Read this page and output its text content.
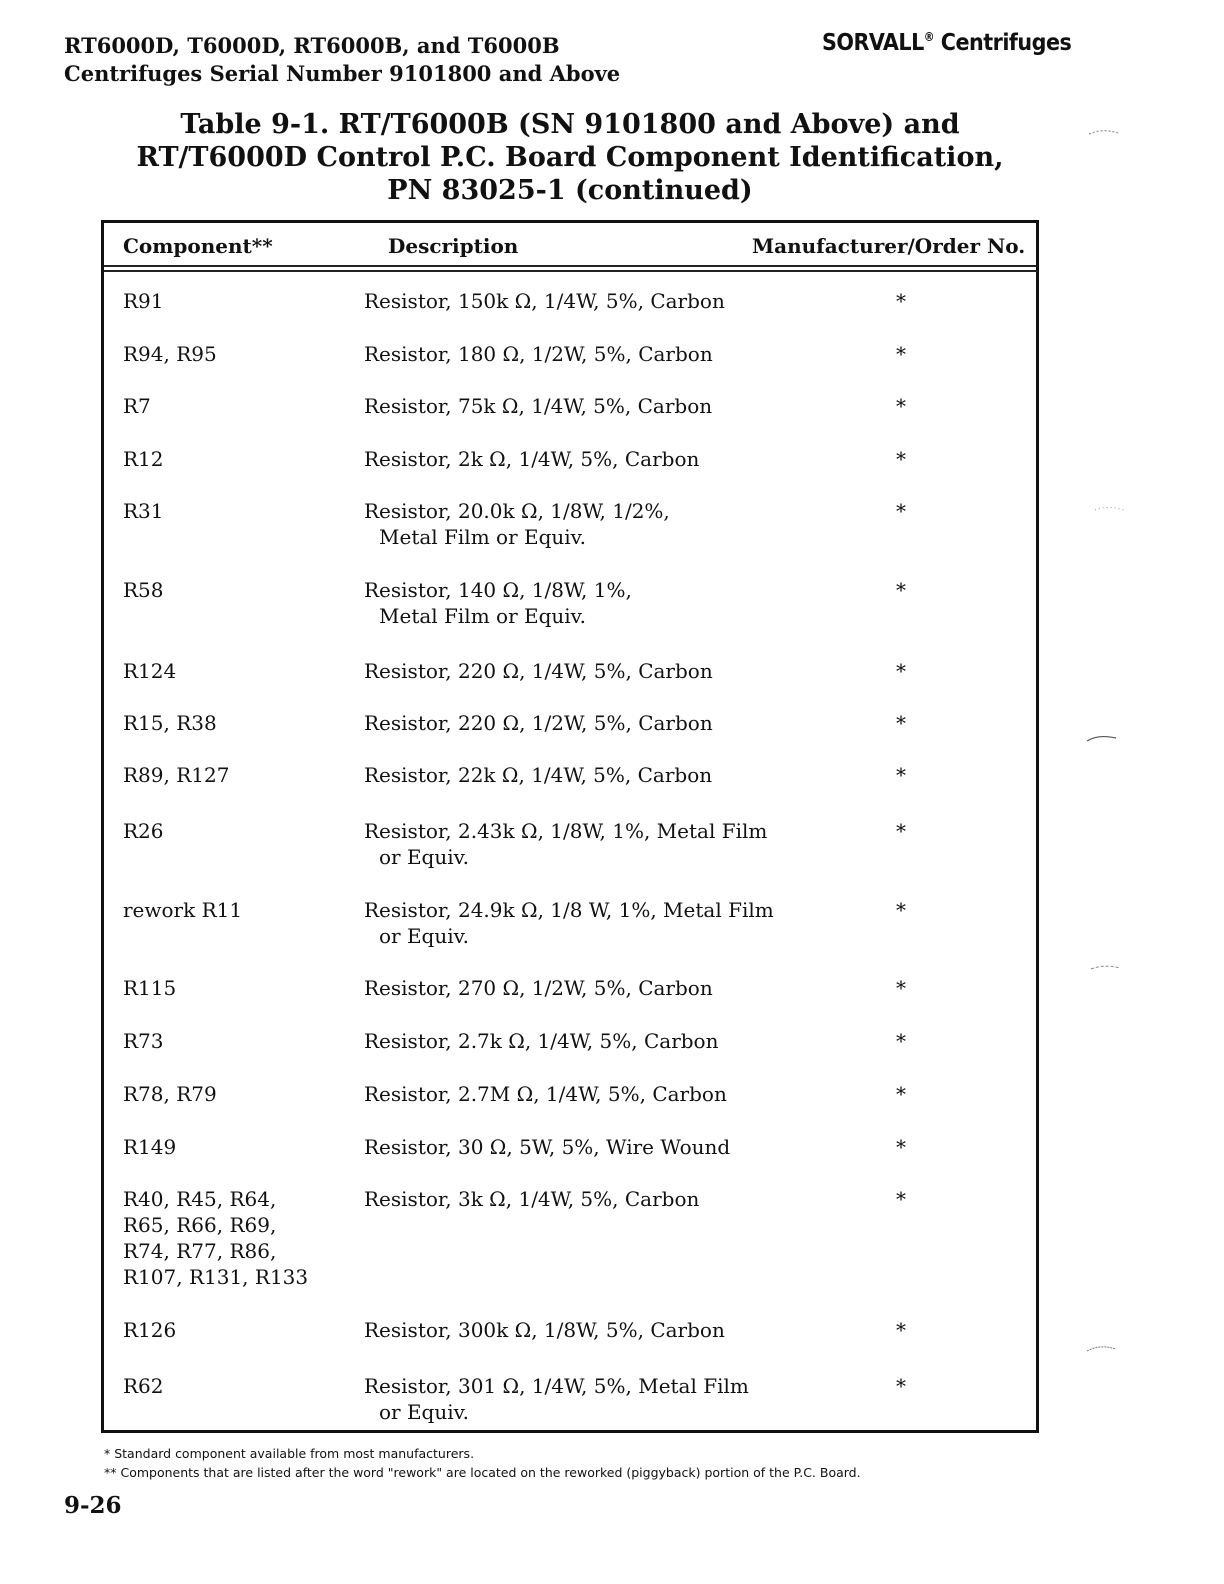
RT6000D, T6000D, RT6000B, and T6000B
Centrifuges Serial Number 9101800 and Above
SORVALL® Centrifuges
Table 9-1. RT/T6000B (SN 9101800 and Above) and
RT/T6000D Control P.C. Board Component Identification,
PN 83025-1 (continued)
Component**	Description	Manufacturer/Order No.
R91	Resistor, 150k Ω, 1/4W, 5%, Carbon	*
R94, R95	Resistor, 180 Ω, 1/2W, 5%, Carbon	*
R7	Resistor, 75k Ω, 1/4W, 5%, Carbon	*
R12	Resistor, 2k Ω, 1/4W, 5%, Carbon	*
R31	Resistor, 20.0k Ω, 1/8W, 1/2%,
Metal Film or Equiv.
*
R58	Resistor, 140 Ω, 1/8W, 1%,
Metal Film or Equiv.
*
R124	Resistor, 220 Ω, 1/4W, 5%, Carbon	*
R15, R38	Resistor, 220 Ω, 1/2W, 5%, Carbon	*
R89, R127	Resistor, 22k Ω, 1/4W, 5%, Carbon	*
R26	Resistor, 2.43k Ω, 1/8W, 1%, Metal Film
or Equiv.
*
rework R11	Resistor, 24.9k Ω, 1/8 W, 1%, Metal Film
or Equiv.
*
R115	Resistor, 270 Ω, 1/2W, 5%, Carbon	*
R73	Resistor, 2.7k Ω, 1/4W, 5%, Carbon	*
R78, R79	Resistor, 2.7M Ω, 1/4W, 5%, Carbon	*
R149	Resistor, 30 Ω, 5W, 5%, Wire Wound	*
R40, R45, R64,
R65, R66, R69,
R74, R77, R86,
R107, R131, R133
Resistor, 3k Ω, 1/4W, 5%, Carbon	*
R126	Resistor, 300k Ω, 1/8W, 5%, Carbon	*
R62	Resistor, 301 Ω, 1/4W, 5%, Metal Film
or Equiv.
*
* Standard component available from most manufacturers.
** Components that are listed after the word "rework" are located on the reworked (piggyback) portion of the P.C. Board.
9-26
